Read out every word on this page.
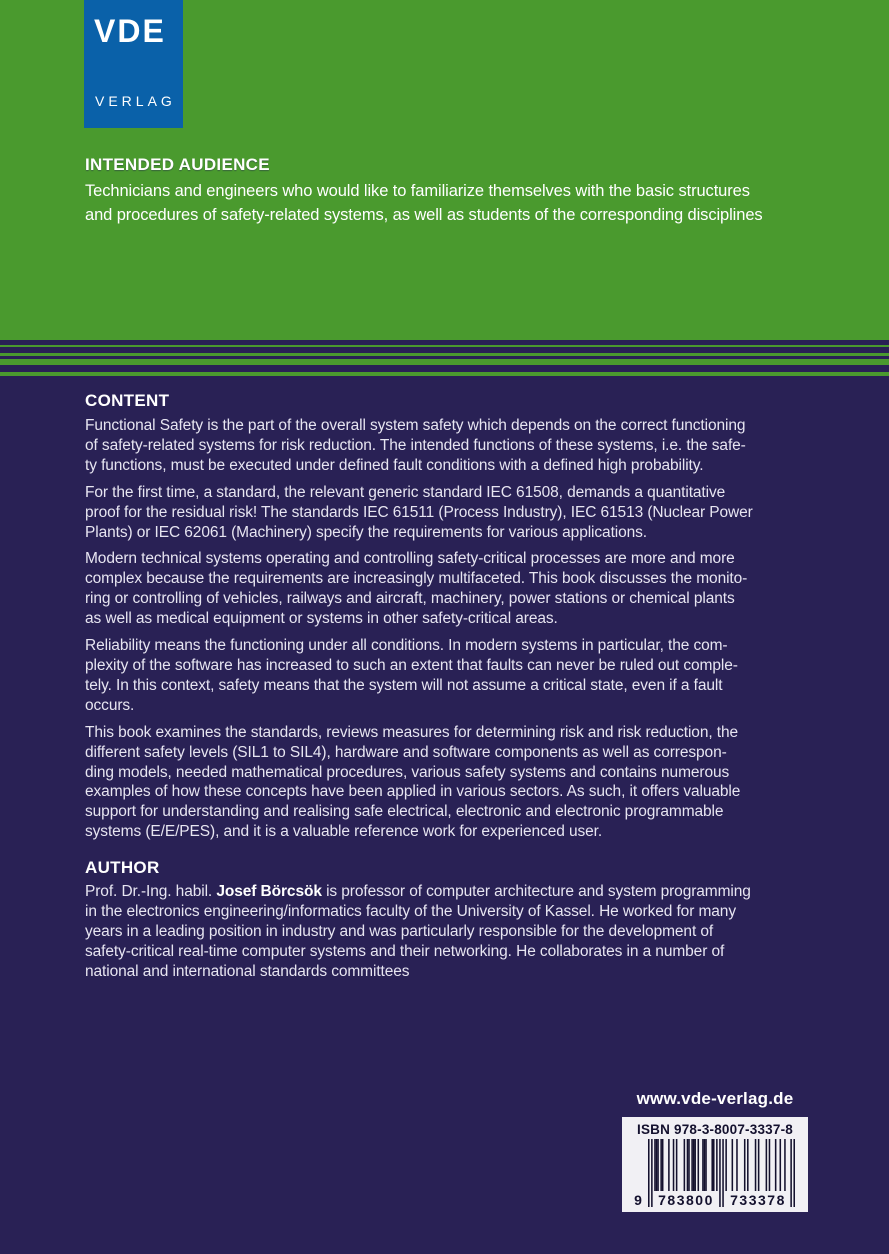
VDE
VERLAG
INTENDED AUDIENCE
Technicians and engineers who would like to familiarize themselves with the basic structures
and procedures of safety-related systems, as well as students of the corresponding disciplines
CONTENT

Functional Safety is the part of the overall system safety which depends on the correct functioning
of safety-related systems for risk reduction. The intended functions of these systems, i.e. the safe-
ty functions, must be executed under defined fault conditions with a defined high probability.

For the first time, a standard, the relevant generic standard IEC 61508, demands a quantitative
proof for the residual risk! The standards IEC 61511 (Process Industry), IEC 61513 (Nuclear Power
Plants) or IEC 62061 (Machinery) specify the requirements for various applications.

Modern technical systems operating and controlling safety-critical processes are more and more
complex because the requirements are increasingly multifaceted. This book discusses the monito-
ring or controlling of vehicles, railways and aircraft, machinery, power stations or chemical plants
as well as medical equipment or systems in other safety-critical areas.

Reliability means the functioning under all conditions. In modern systems in particular, the com-
plexity of the software has increased to such an extent that faults can never be ruled out comple-
tely. In this context, safety means that the system will not assume a critical state, even if a fault
occurs.

This book examines the standards, reviews measures for determining risk and risk reduction, the
different safety levels (SIL1 to SIL4), hardware and software components as well as correspon-
ding models, needed mathematical procedures, various safety systems and contains numerous
examples of how these concepts have been applied in various sectors. As such, it offers valuable
support for understanding and realising safe electrical, electronic and electronic programmable
systems (E/E/PES), and it is a valuable reference work for experienced user.

AUTHOR

Prof. Dr.-Ing. habil. Josef Börcsök is professor of computer architecture and system programming
in the electronics engineering/informatics faculty of the University of Kassel. He worked for many
years in a leading position in industry and was particularly responsible for the development of
safety-critical real-time computer systems and their networking. He collaborates in a number of
national and international standards committees

www.vde-verlag.de
ISBN 978-3-8007-3337-8
9	783800	733378
